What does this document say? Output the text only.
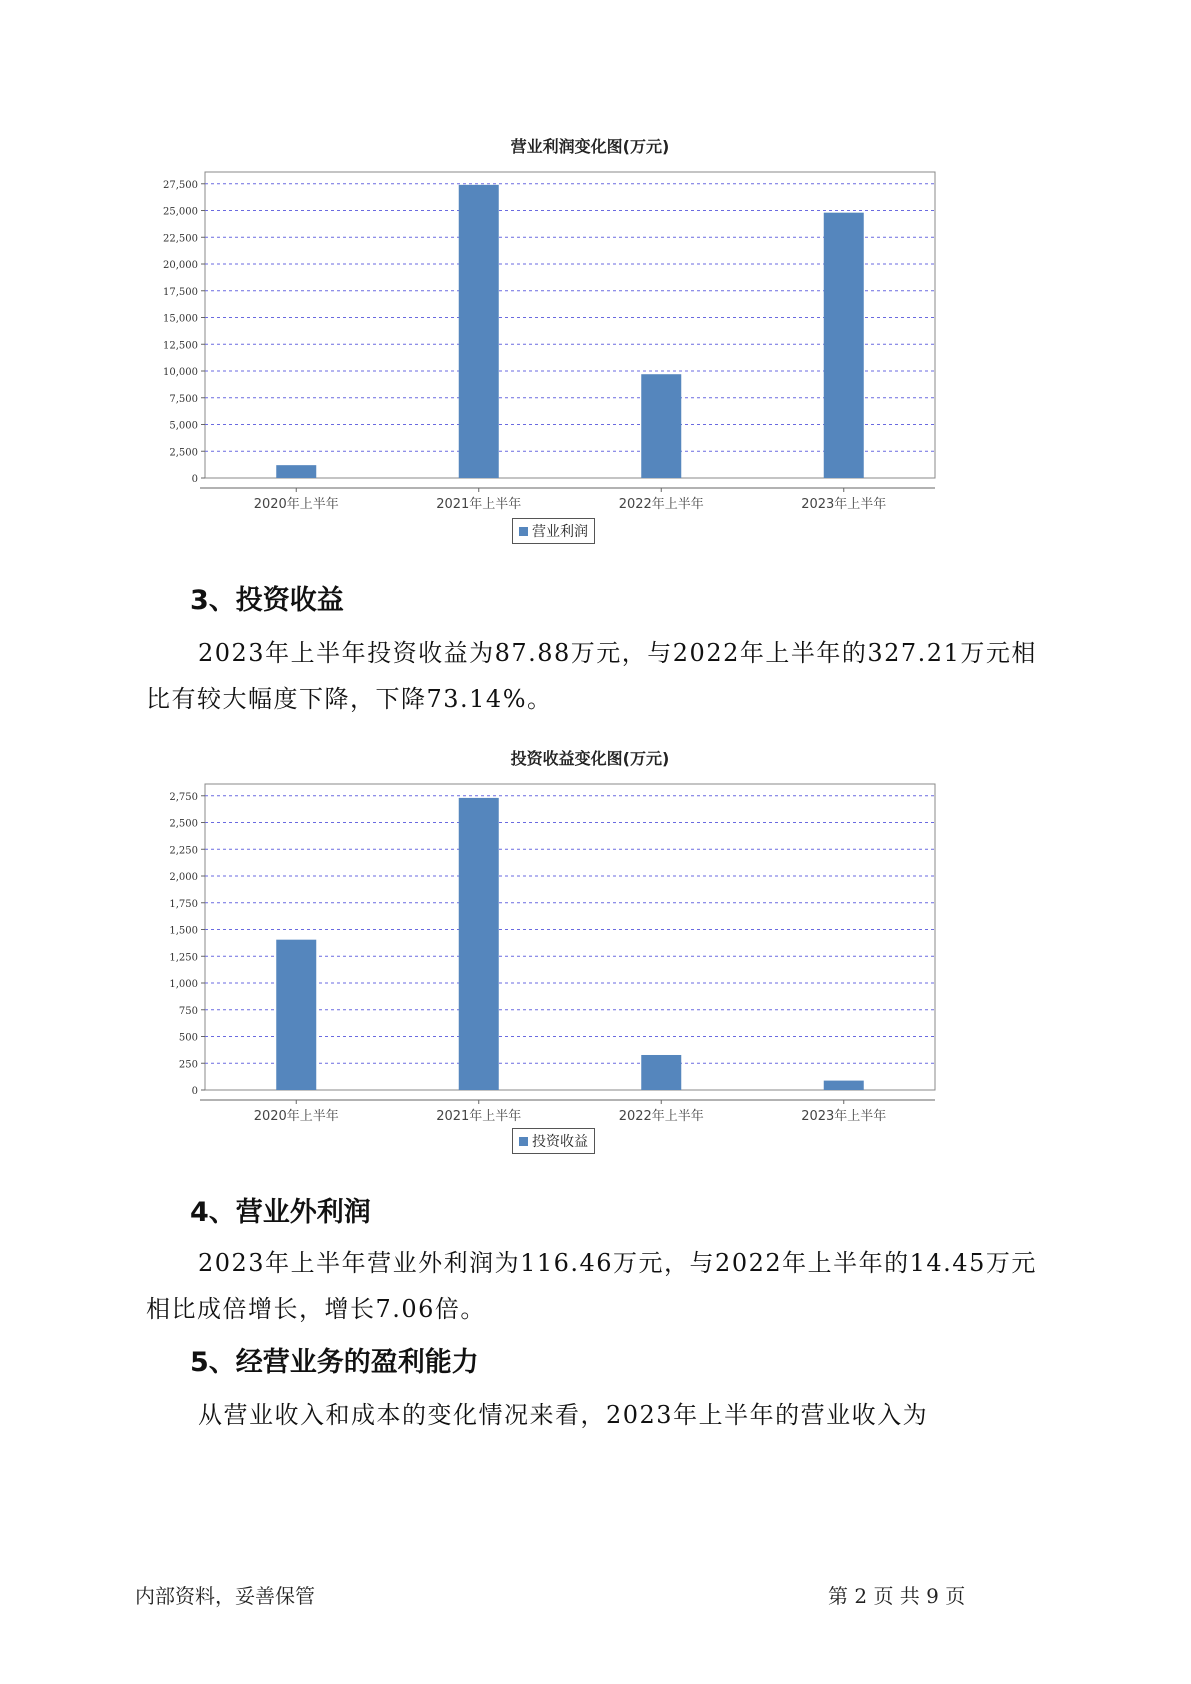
营业利润变化图(万元)
0
2,500
5,000
7,500
10,000
12,500
15,000
17,500
20,000
22,500
25,000
27,500
2020年上半年	2021年上半年	2022年上半年	2023年上半年
营业利润
3、投资收益
2023年上半年投资收益为87.88万元，与2022年上半年的327.21万元相
比有较大幅度下降，下降73.14%。
投资收益变化图(万元)
0
250
500
750
1,000
1,250
1,500
1,750
2,000
2,250
2,500
2,750
2020年上半年	2021年上半年	2022年上半年	2023年上半年
投资收益
4、营业外利润
2023年上半年营业外利润为116.46万元，与2022年上半年的14.45万元
相比成倍增长，增长7.06倍。
5、经营业务的盈利能力
从营业收入和成本的变化情况来看，2023年上半年的营业收入为
内部资料，妥善保管	第 2 页 共 9 页
